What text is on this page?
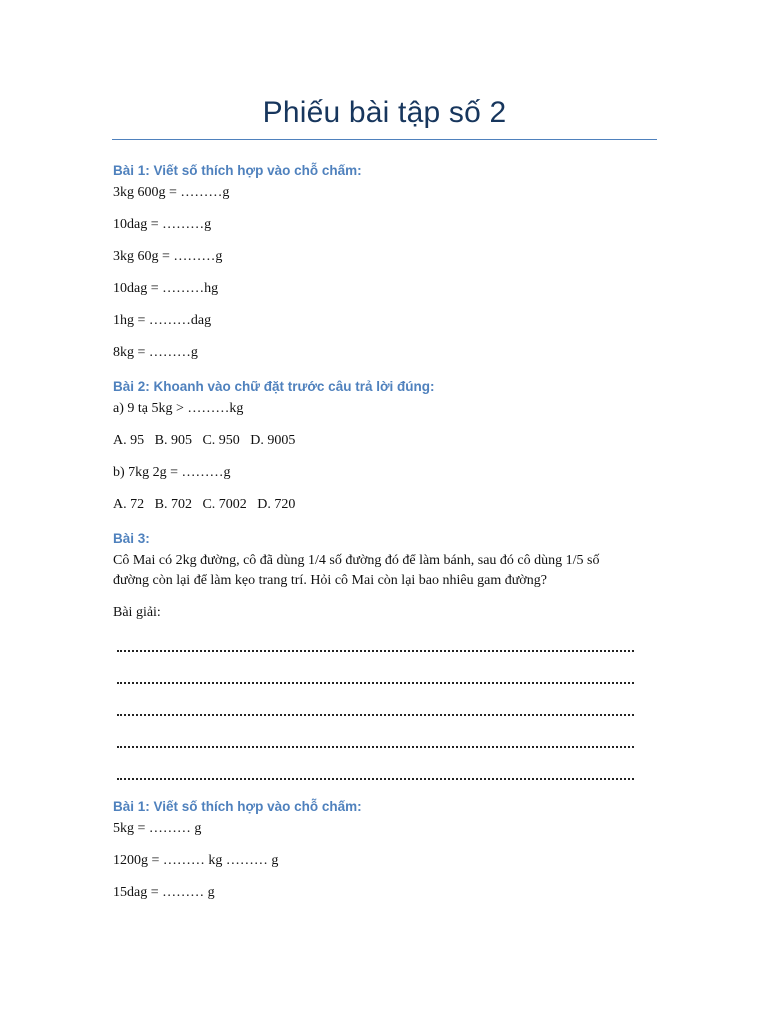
Phiếu bài tập số 2
Bài 1: Viết số thích hợp vào chỗ chấm:
3kg 600g = ………g
10dag = ………g
3kg 60g = ………g
10dag = ………hg
1hg = ………dag
8kg = ………g
Bài 2: Khoanh vào chữ đặt trước câu trả lời đúng:
a) 9 tạ 5kg > ………kg
A. 95   B. 905   C. 950   D. 9005
b) 7kg 2g = ………g
A. 72   B. 702   C. 7002   D. 720
Bài 3:
Cô Mai có 2kg đường, cô đã dùng 1/4 số đường đó để làm bánh, sau đó cô dùng 1/5 số đường còn lại để làm kẹo trang trí. Hỏi cô Mai còn lại bao nhiêu gam đường?
Bài giải:
Bài 1: Viết số thích hợp vào chỗ chấm:
5kg = ……… g
1200g = ……… kg ……… g
15dag = ……… g
